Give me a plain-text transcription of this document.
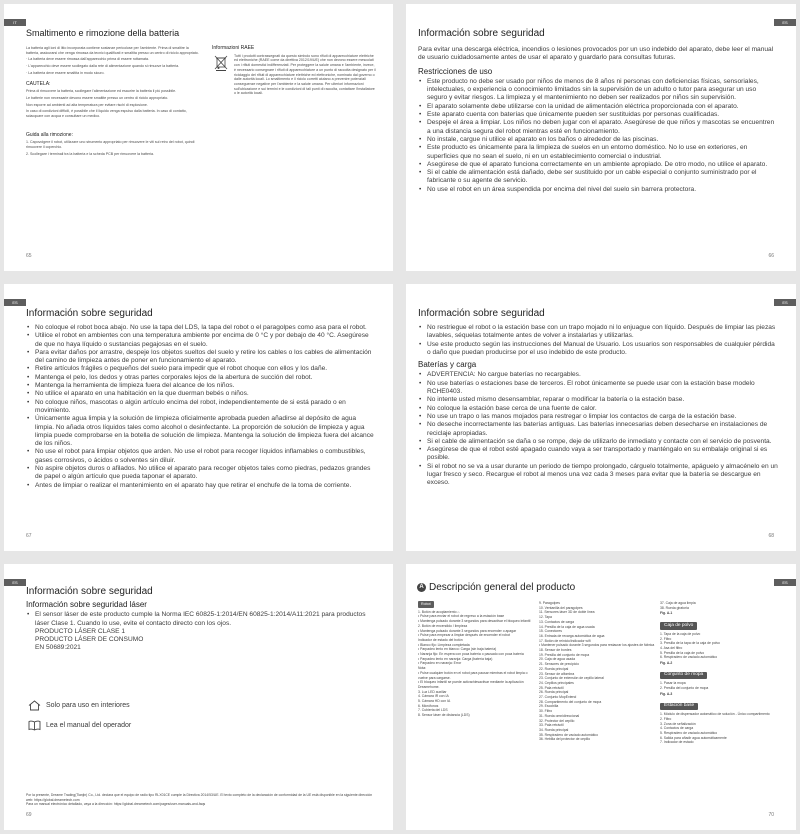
IT
Smaltimento e rimozione della batteria

La batteria agli ioni di litio incorporata contiene sostanze pericolose per l'ambiente. Prima di smaltire la batteria, assicurarsi che venga rimossa da tecnici qualificati e smaltita presso un centro di riciclo appropriato.

· La batteria deve essere rimossa dall'apparecchio prima di essere rottamata.

· L'apparecchio deve essere scollegato dalla rete di alimentazione quando si rimuove la batteria.

· La batteria deve essere smaltita in modo sicuro.

CAUTELA:

Prima di rimuovere la batteria, scollegare l'alimentazione ed esaurire la batteria il più possibile.

Le batterie non necessarie devono essere smaltite presso un centro di riciclo appropriato.

Non esporre ad ambienti ad alta temperatura per evitare rischi di esplosione.

In caso di condizioni difficili, è possibile che il liquido venga espulso dalla batteria. In caso di contatto, sciacquare con acqua e consultare un medico.

Guida alla rimozione:

1. Capovolgere il robot, utilizzare uno strumento appropriato per rimuovere le viti sul retro del robot, quindi rimuovere il coperchio.

2. Scollegare i terminali tra la batteria e la scheda PCB per rimuovere la batteria.

Informazioni RAEE

Tutti i prodotti contrassegnati da questo simbolo sono rifiuti di apparecchiature elettriche ed elettroniche (RAEE come da direttiva 2012/19/UE) che non devono essere mescolati con i rifiuti domestici indifferenziati. Per proteggere la salute umana e l'ambiente, invece, è necessario consegnare i rifiuti di apparecchiature a un punto di raccolta designato per il riciclaggio dei rifiuti di apparecchiature elettriche ed elettroniche, nominato dal governo o dalle autorità locali. Lo smaltimento e il riciclo corretti aiutano a prevenire potenziali conseguenze negative per l'ambiente e la salute umana. Per ulteriori informazioni sull'ubicazione e sui termini e le condizioni di tali punti di raccolta, contattare l'installatore o le autorità locali.

65
ES
Información sobre seguridad

Para evitar una descarga eléctrica, incendios o lesiones provocados por un uso indebido del aparato, debe leer el manual de usuario cuidadosamente antes de usar el aparato y guardarlo para consultas futuras.

Restricciones de uso
• Este producto no debe ser usado por niños de menos de 8 años ni personas con deficiencias físicas, sensoriales, intelectuales, o experiencia o conocimiento limitados sin la supervisión de un adulto o tutor para asegurar un uso seguro y evitar riesgos. La limpieza y el mantenimiento no deben ser realizados por niños sin supervisión.
• El aparato solamente debe utilizarse con la unidad de alimentación eléctrica proporcionada con el aparato.
• Este aparato cuenta con baterías que únicamente pueden ser sustituidas por personas cualificadas.
• Despeje el área a limpiar. Los niños no deben jugar con el aparato. Asegúrese de que niños y mascotas se encuentren a una distancia segura del robot mientras esté en funcionamiento.
• No instale, cargue ni utilice el aparato en los baños o alrededor de las piscinas.
• Este producto es únicamente para la limpieza de suelos en un entorno doméstico. No lo use en exteriores, en superficies que no sean el suelo, ni en un establecimiento comercial o industrial.
• Asegúrese de que el aparato funciona correctamente en un ambiente apropiado. De otro modo, no utilice el aparato.
• Si el cable de alimentación está dañado, debe ser sustituido por un cable especial o conjunto suministrado por el fabricante o su agente de servicio.
• No use el robot en un área suspendida por encima del nivel del suelo sin barrera protectora.
66
ES
Información sobre seguridad
• No coloque el robot boca abajo. No use la tapa del LDS, la tapa del robot o el paragolpes como asa para el robot.
• Utilice el robot en ambientes con una temperatura ambiente por encima de 0 °C y por debajo de 40 °C. Asegúrese de que no haya líquido o sustancias pegajosas en el suelo.
• Para evitar daños por arrastre, despeje los objetos sueltos del suelo y retire los cables o los cables de alimentación del camino de limpieza antes de poner en funcionamiento el aparato.
• Retire artículos frágiles o pequeños del suelo para impedir que el robot choque con ellos y los dañe.
• Mantenga el pelo, los dedos y otras partes corporales lejos de la abertura de succión del robot.
• Mantenga la herramienta de limpieza fuera del alcance de los niños.
• No utilice el aparato en una habitación en la que duerman bebés o niños.
• No coloque niños, mascotas o algún artículo encima del robot, independientemente de si está parado o en movimiento.
• Únicamente agua limpia y la solución de limpieza oficialmente aprobada pueden añadirse al depósito de agua limpia. No añada otros líquidos tales como alcohol o desinfectante. La proporción de solución de limpieza y agua limpia puede comprobarse en la botella de solución de limpieza. Mantenga la solución de limpieza fuera del alcance de los niños.
• No use el robot para limpiar objetos que arden. No use el robot para recoger líquidos inflamables o combustibles, gases corrosivos, o ácidos o solventes sin diluir.
• No aspire objetos duros o afilados. No utilice el aparato para recoger objetos tales como piedras, pedazos grandes de papel o algún artículo que pueda taponar el aparato.
• Antes de limpiar o realizar el mantenimiento en el aparato hay que retirar el enchufe de la toma de corriente.
67
ES
Información sobre seguridad
• No restriegue el robot o la estación base con un trapo mojado ni lo enjuague con líquido. Después de limpiar las piezas lavables, séquelas totalmente antes de volver a instalarlas y utilizarlas.
• Use este producto según las instrucciones del Manual de Usuario. Los usuarios son responsables de cualquier pérdida o daño que puedan producirse por el uso indebido de este producto.
Baterías y carga
• ADVERTENCIA: No cargue baterías no recargables.
• No use baterías o estaciones base de terceros. El robot únicamente se puede usar con la estación base modelo RCHE0403.
• No intente usted mismo desensamblar, reparar o modificar la batería o la estación base.
• No coloque la estación base cerca de una fuente de calor.
• No use un trapo o las manos mojados para restregar o limpiar los contactos de carga de la estación base.
• No deseche incorrectamente las baterías antiguas. Las baterías innecesarias deben desecharse en instalaciones de reciclaje apropiadas.
• Si el cable de alimentación se daña o se rompe, deje de utilizarlo de inmediato y contacte con el servicio de posventa.
• Asegúrese de que el robot esté apagado cuando vaya a ser transportado y manténgalo en su embalaje original si es posible.
• Si el robot no se va a usar durante un periodo de tiempo prolongado, cárguelo totalmente, apáguelo y almacénelo en un lugar fresco y seco. Recargue el robot al menos una vez cada 3 meses para evitar que la batería se descargue en exceso.
68
ES
Información sobre seguridad
Información sobre seguridad láser
• El sensor láser de este producto cumple la Norma IEC 60825-1:2014/EN 60825-1:2014/A11:2021 para productos láser Clase 1. Cuando lo use, evite el contacto directo con los ojos.
PRODUCTO LÁSER CLASE 1
PRODUCTO LÁSER DE CONSUMO
EN 50689:2021
Solo para uso en interiores
Lea el manual del operador
Por la presente, Dreame Trading(Tianjin) Co., Ltd. declara que el equipo de radio tipo RLX01CE cumple la Directiva 2014/53/UE. El texto completo de la declaración de conformidad de la UE está disponible en la siguiente dirección web: https://global.dreametech.com
Para un manual electrónico detallado, vaya a la dirección: https://global.dreametech.com/pages/user-manuals-and-faqs
69
ES
A Descripción general del producto
Robot
1. Botón de acoplamiento ⌂
• Pulse para enviar el robot de regreso a la estación base
• Mantenga pulsado durante 3 segundos para desactivar el bloqueo infantil
2. Botón de encendido / limpieza
• Mantenga pulsado durante 3 segundos para encender o apagar
• Pulse para empezar a limpiar después de encender el robot
Indicador de estado del botón
• Blanco fijo: Limpieza completada
• Parpadeo lento en blanco: Carga (sin baja batería)
• Naranja fijo: En espera con poca batería o pausado con poca batería
• Parpadeo lento en naranja: Carga (batería baja)
• Parpadeo en naranja: Error
Nota:
• Pulse cualquier botón en el robot para pausar mientras el robot limpia o vuelve para cargarse.
• El bloqueo infantil se puede activar/desactivar mediante la aplicación Dreamehome.
3. Luz LED auxiliar
4. Cámara IR con IA
5. Cámara HD con IA
6. Micrófonos
7. Cubierta del LDS
8. Sensor láser de distancia (LDS)
9. Paragolpes
10. Ventanilla del paragolpes
11. Sensores láser 3D de doble línea
12. Tapa
13. Contactos de carga
14. Presilla de la caja de agua usada
15. Conectores
16. Entrada de recarga automática de agua
17. Botón de reinicio/indicador wifi
• Mantener pulsado durante 3 segundos para restaurar los ajustes de fábrica
18. Sensor de bordes
19. Presilla del conjunto de mopa
20. Caja de agua usada
21. Sensores de precipicio
22. Rueda principal
23. Sensor de alfombra
23. Conjunto de extensión de cepillo lateral
24. Cepillos principales
25. Pala retráctil
26. Rueda principal
27. Conjunto MopExtend
28. Compartimento del conjunto de mopa
29. Escobilla
30. Filtro
31. Rueda omnidireccional
32. Protector del cepillo
33. Pala retráctil
34. Rueda principal
35. Respiradero de vaciado automático
36. Hebilla del protector de cepillo
37. Caja de agua limpia
38. Rueda giratoria
Fig. A-1
Caja de polvo
1. Tapa de la caja de polvo
2. Filtro
3. Presilla de la tapa de la caja de polvo
4. Asa del filtro
5. Presilla de la caja de polvo
6. Respiradero de vaciado automático
Fig. A-2
Conjunto de mopa
1. Pasar la mopa
2. Presilla del conjunto de mopa
Fig. A-3
Estación base
1. Módulo de dispensador automático de solución - Único compartimento
2. Filtro
3. Zona de señalización
4. Contactos de carga
5. Respiradero de vaciado automático
6. Salida para añadir agua automáticamente
7. Indicador de estado
70
